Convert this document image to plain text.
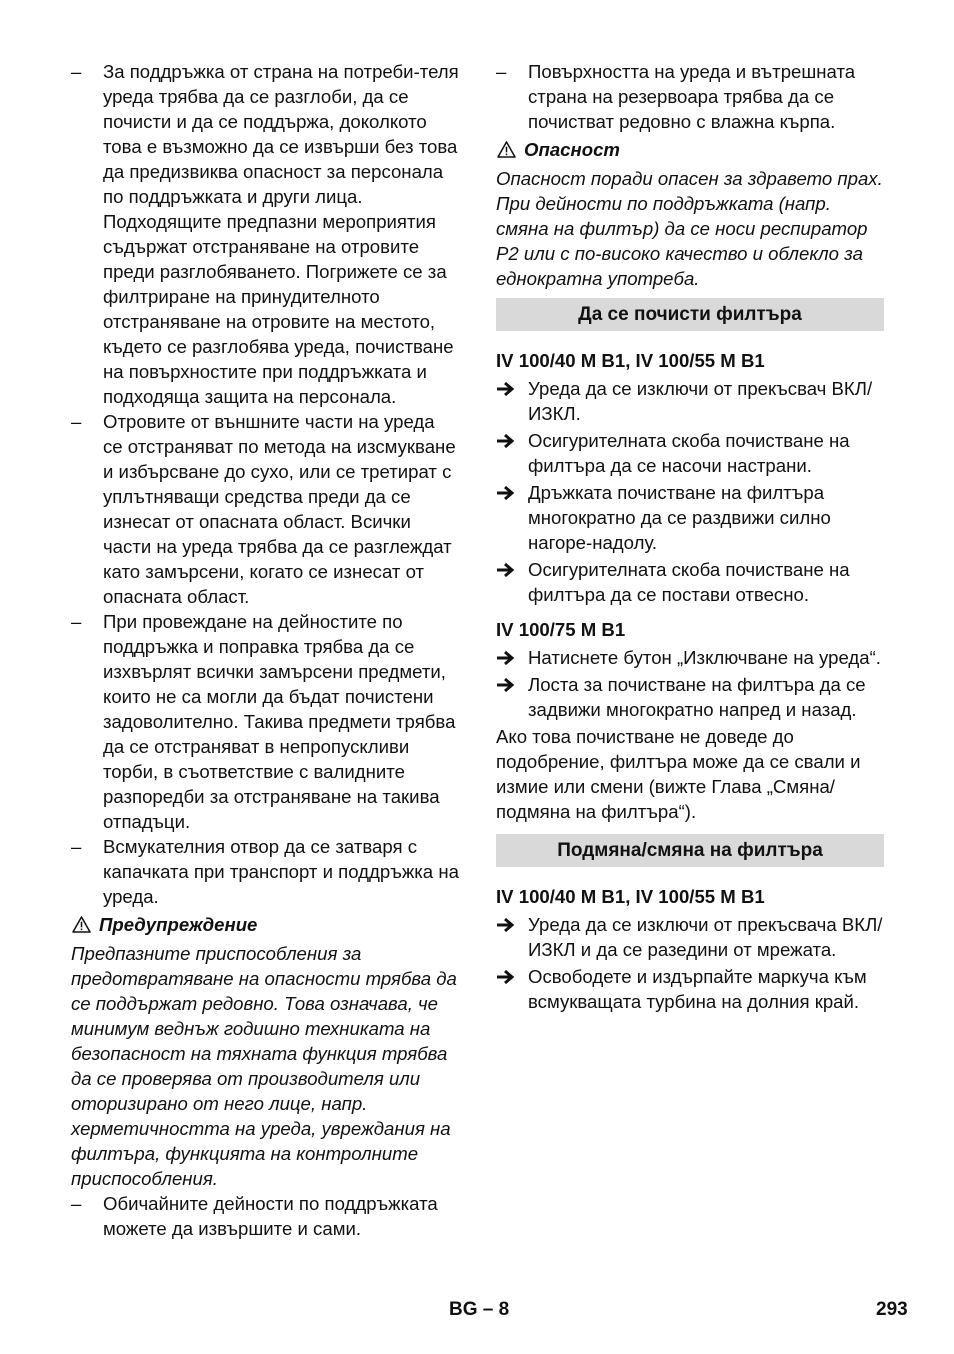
–	За поддръжка от страна на потреби-теля уреда трябва да се разглоби, да се почисти и да се поддържа, доколкото това е възможно да се извърши без това да предизвиква опасност за персонала по поддръжката и други лица. Подходящите предпазни мероприятия съдържат отстраняване на отровите преди разглобяването. Погрижете се за филтриране на принудителното отстраняване на отровите на местото, където се разглобява уреда, почистване на повърхностите при поддръжката и подходяща защита на персонала.
–	Отровите от външните части на уреда се отстраняват по метода на изсмукване и избърсване до сухо, или се третират с уплътняващи средства преди да се изнесат от опасната област. Всички части на уреда трябва да се разглеждат като замърсени, когато се изнесат от опасната област.
–	При провеждане на дейностите по поддръжка и поправка трябва да се изхвърлят всички замърсени предмети, които не са могли да бъдат почистени задоволително. Такива предмети трябва да се отстраняват в непропускливи торби, в съответствие с валидните разпоредби за отстраняване на такива отпадъци.
–	Всмукателния отвор да се затваря с капачката при транспорт и поддръжка на уреда.
Предупреждение
Предпазните приспособления за предотвратяване на опасности трябва да се поддържат редовно. Това означава, че минимум веднъж годишно техниката на безопасност на тяхната функция трябва да се проверява от производителя или оторизирано от него лице, напр. херметичността на уреда, увреждания на филтъра, функцията на контролните приспособления.
–	Обичайните дейности по поддръжката можете да извършите и сами.
–	Повърхността на уреда и вътрешната страна на резервоара трябва да се почистват редовно с влажна кърпа.
Опасност
Опасност поради опасен за здравето прах. При дейности по поддръжката (напр. смяна на филтър) да се носи респиратор P2 или с по-високо качество и облекло за еднократна употреба.
Да се почисти филтъра
IV 100/40 M B1, IV 100/55 M B1
Уреда да се изключи от прекъсвач ВКЛ/ИЗКЛ.
Осигурителната скоба почистване на филтъра да се насочи настрани.
Дръжката почистване на филтъра многократно да се раздвижи силно нагоре-надолу.
Осигурителната скоба почистване на филтъра да се постави отвесно.
IV 100/75 M B1
Натиснете бутон „Изключване на уреда“.
Лоста за почистване на филтъра да се задвижи многократно напред и назад.
Ако това почистване не доведе до подобрение, филтъра може да се свали и измие или смени (вижте Глава „Смяна/подмяна на филтъра“).
Подмяна/смяна на филтъра
IV 100/40 M B1, IV 100/55 M B1
Уреда да се изключи от прекъсвача ВКЛ/ИЗКЛ и да се разедини от мрежата.
Освободете и издърпайте маркуча към всмукващата турбина на долния край.
BG – 8	293
